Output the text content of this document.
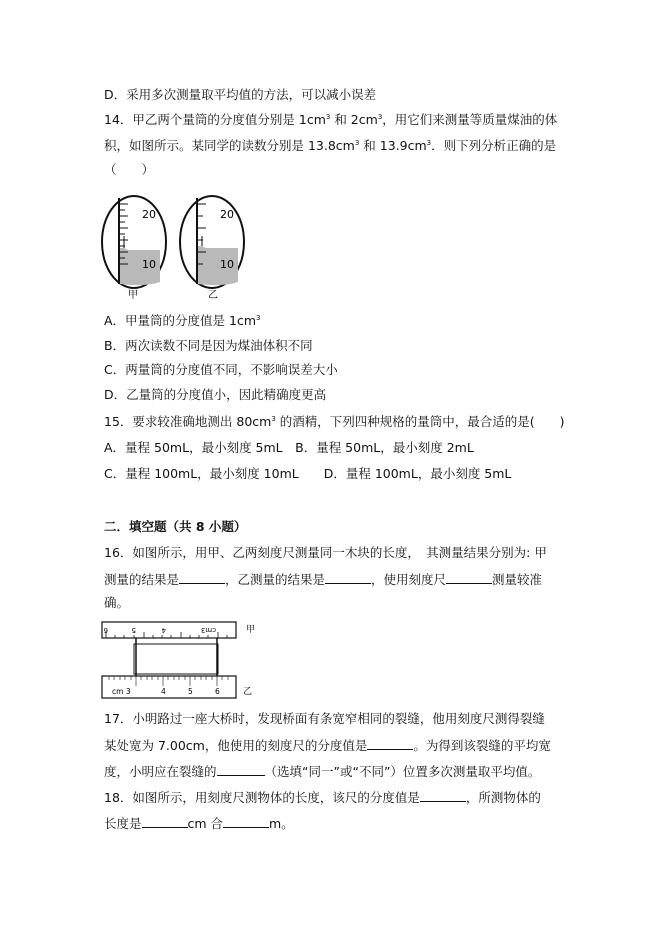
D．采用多次测量取平均值的方法，可以减小误差
14．甲乙两个量筒的分度值分别是 $1cm^3$ 和 $2cm^3$，用它们来测量等质量煤油的体
积，如图所示。某同学的读数分别是 $13.8cm^3$ 和 $13.9cm^3$．则下列分析正确的是
（　　）
20
10
甲
20
10
乙
A．甲量筒的分度值是 $1cm^3$
B．两次读数不同是因为煤油体积不同
C．两量筒的分度值不同，不影响误差大小
D．乙量筒的分度值小，因此精确度更高
15．要求较准确地测出 $80cm^3$ 的酒精，下列四种规格的量筒中，最合适的是(　　)
A．量程 50mL，最小刻度 5mL　B．量程 50mL，最小刻度 2mL
C．量程 100mL，最小刻度 10mL　　D．量程 100mL，最小刻度 5mL
二．填空题（共 8 小题）
16．如图所示，用甲、乙两刻度尺测量同一木块的长度，　其测量结果分别为: 甲
测量的结果是	，乙测量的结果是	，使用刻度尺	测量较准
确。
6	5	4	cm3	甲
cm 3	4	5	6	乙
17．小明路过一座大桥时，发现桥面有条宽窄相同的裂缝，他用刻度尺测得裂缝
某处宽为 7.00cm，他使用的刻度尺的分度值是	。为得到该裂缝的平均宽
度，小明应在裂缝的	（选填“同一”或“不同”）位置多次测量取平均值。
18．如图所示，用刻度尺测物体的长度，该尺的分度值是	，所测物体的
长度是	cm 合	m。
